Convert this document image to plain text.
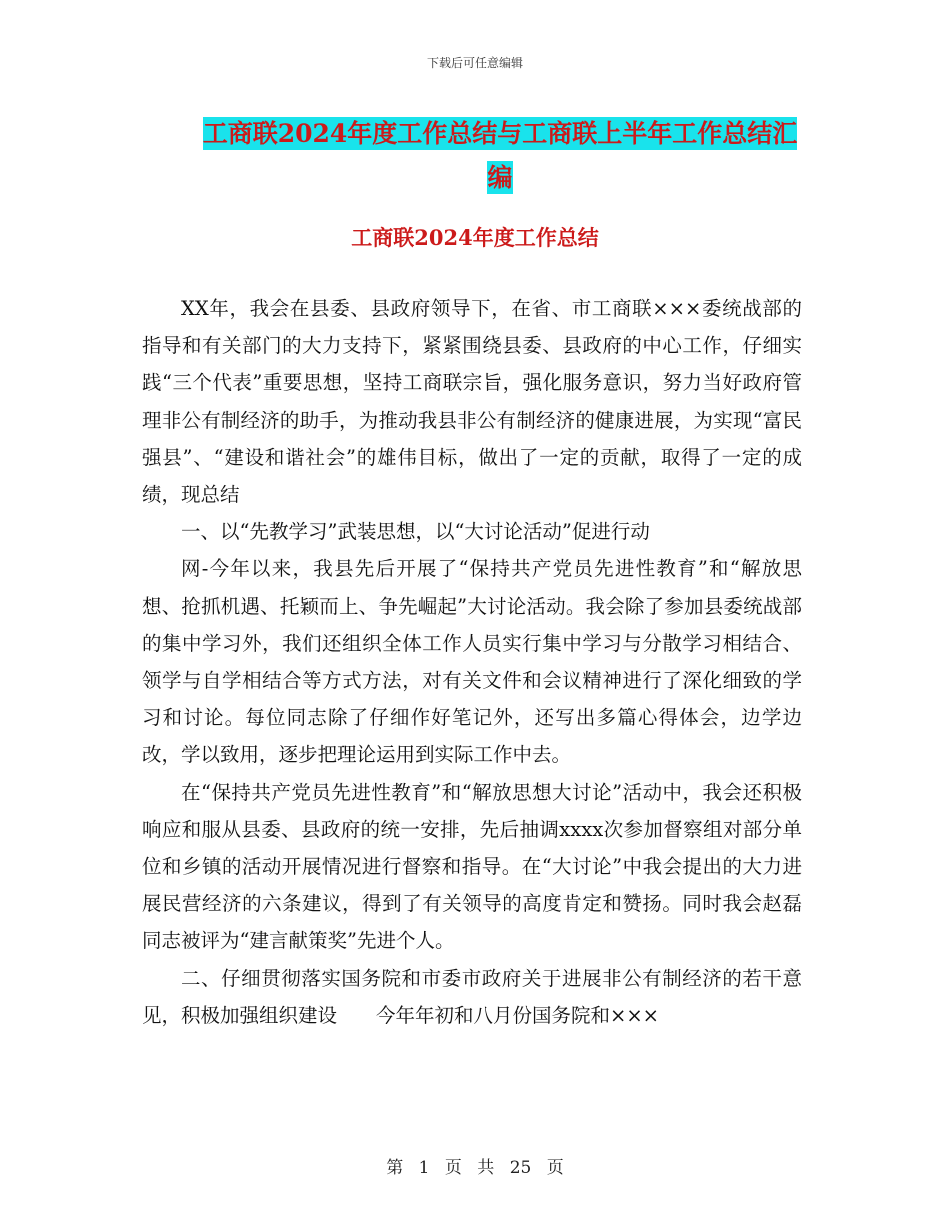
下载后可任意编辑
工商联2024年度工作总结与工商联上半年工作总结汇
编
工商联2024年度工作总结

XX年，我会在县委、县政府领导下，在省、市工商联×××委统战部的指导和有关部门的大力支持下，紧紧围绕县委、县政府的中心工作，仔细实践“三个代表”重要思想，坚持工商联宗旨，强化服务意识，努力当好政府管理非公有制经济的助手，为推动我县非公有制经济的健康进展，为实现“富民强县”、“建设和谐社会”的雄伟目标，做出了一定的贡献，取得了一定的成绩，现总结

一、以“先教学习”武装思想，以“大讨论活动”促进行动

网-今年以来，我县先后开展了“保持共产党员先进性教育”和“解放思想、抢抓机遇、托颖而上、争先崛起”大讨论活动。我会除了参加县委统战部的集中学习外，我们还组织全体工作人员实行集中学习与分散学习相结合、领学与自学相结合等方式方法，对有关文件和会议精神进行了深化细致的学习和讨论。每位同志除了仔细作好笔记外，还写出多篇心得体会，边学边改，学以致用，逐步把理论运用到实际工作中去。

在“保持共产党员先进性教育”和“解放思想大讨论”活动中，我会还积极响应和服从县委、县政府的统一安排，先后抽调xxxx次参加督察组对部分单位和乡镇的活动开展情况进行督察和指导。在“大讨论”中我会提出的大力进展民营经济的六条建议，得到了有关领导的高度肯定和赞扬。同时我会赵磊同志被评为“建言献策奖”先进个人。

二、仔细贯彻落实国务院和市委市政府关于进展非公有制经济的若干意见，积极加强组织建设　　今年年初和八月份国务院和×××

第 1 页 共 25 页
